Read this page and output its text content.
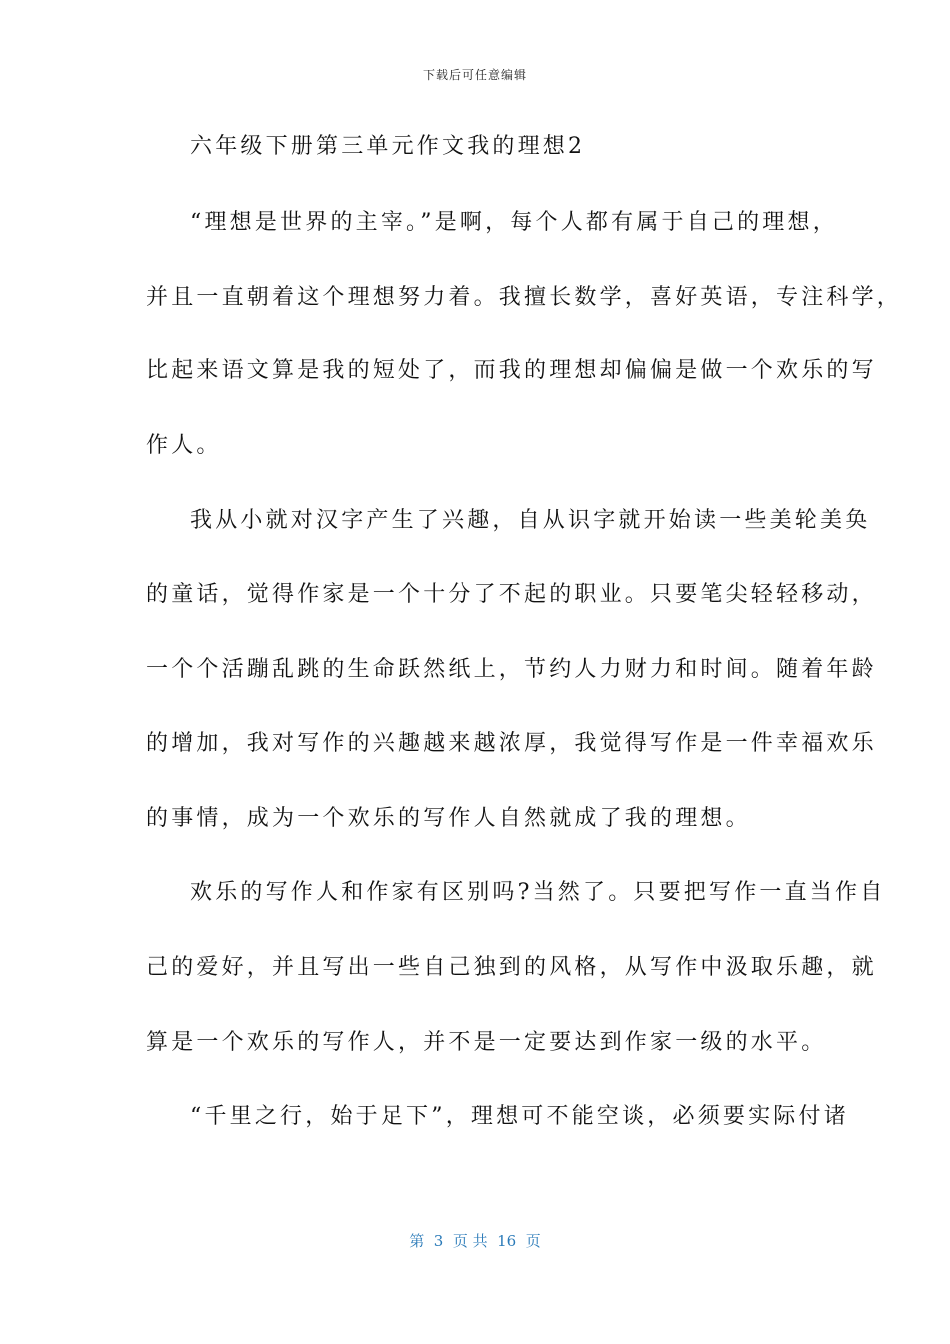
下载后可任意编辑
六年级下册第三单元作文我的理想2
“理想是世界的主宰。”是啊，每个人都有属于自己的理想，
并且一直朝着这个理想努力着。我擅长数学，喜好英语，专注科学，
比起来语文算是我的短处了，而我的理想却偏偏是做一个欢乐的写
作人。
我从小就对汉字产生了兴趣，自从识字就开始读一些美轮美奂
的童话，觉得作家是一个十分了不起的职业。只要笔尖轻轻移动，
一个个活蹦乱跳的生命跃然纸上，节约人力财力和时间。随着年龄
的增加，我对写作的兴趣越来越浓厚，我觉得写作是一件幸福欢乐
的事情，成为一个欢乐的写作人自然就成了我的理想。
欢乐的写作人和作家有区别吗?当然了。只要把写作一直当作自
己的爱好，并且写出一些自己独到的风格，从写作中汲取乐趣，就
算是一个欢乐的写作人，并不是一定要达到作家一级的水平。
“千里之行，始于足下”，理想可不能空谈，必须要实际付诸
第  3  页 共  16  页
